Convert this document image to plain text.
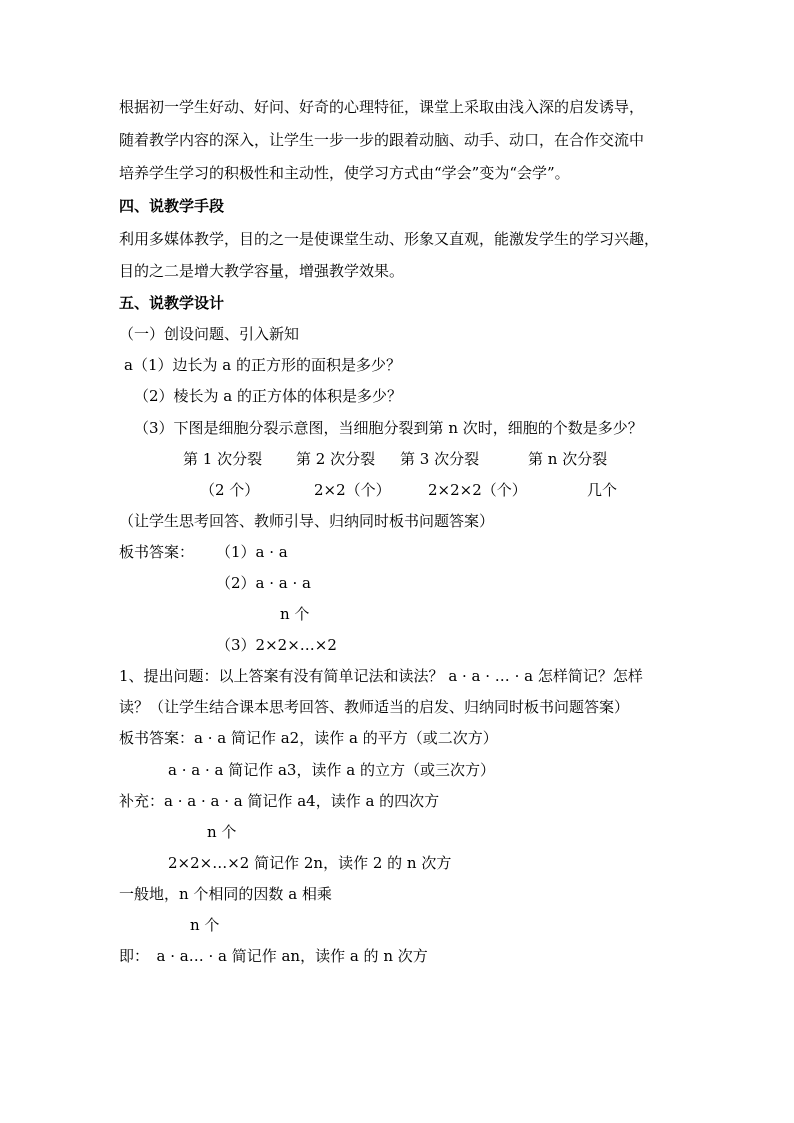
根据初一学生好动、好问、好奇的心理特征，课堂上采取由浅入深的启发诱导，
随着教学内容的深入，让学生一步一步的跟着动脑、动手、动口，在合作交流中
培养学生学习的积极性和主动性，使学习方式由“学会”变为“会学”。
四、说教学手段
利用多媒体教学，目的之一是使课堂生动、形象又直观，能激发学生的学习兴趣，
目的之二是增大教学容量，增强教学效果。
五、说教学设计
（一）创设问题、引入新知
a（1）边长为 a 的正方形的面积是多少？
（2）棱长为 a 的正方体的体积是多少？
（3）下图是细胞分裂示意图，当细胞分裂到第 n 次时，细胞的个数是多少？
第 1 次分裂 第 2 次分裂 第 3 次分裂	第 n 次分裂
（2 个）	2×2（个） 2×2×2（个）	几个
（让学生思考回答、教师引导、归纳同时板书问题答案）
板书答案： （1）a · a
（2）a · a · a
n 个
（3）2×2×…×2
1、提出问题：以上答案有没有简单记法和读法？ a · a · … · a 怎样简记？怎样
读？（让学生结合课本思考回答、教师适当的启发、归纳同时板书问题答案）
板书答案：a · a 简记作 a2，读作 a 的平方（或二次方）
a · a · a 简记作 a3，读作 a 的立方（或三次方）
补充：a · a · a · a 简记作 a4，读作 a 的四次方
n 个
2×2×…×2 简记作 2n，读作 2 的 n 次方
一般地，n 个相同的因数 a 相乘
n 个
即：　a · a… · a 简记作 an，读作 a 的 n 次方
